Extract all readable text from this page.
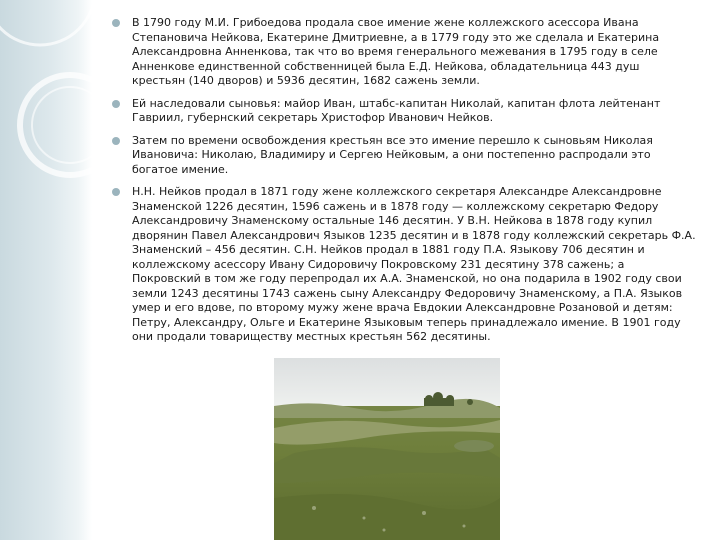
В 1790 году М.И. Грибоедова продала свое имение жене коллежского асессора Ивана Степановича Нейкова, Екатерине Дмитриевне, а в 1779 году это же сделала и Екатерина Александровна Анненкова, так что во время генерального межевания в 1795 году в селе Анненкове единственной собственницей была Е.Д. Нейкова, обладательница 443 душ крестьян (140 дворов) и 5936 десятин, 1682 сажень земли.
Ей наследовали сыновья: майор Иван, штабс-капитан Николай, капитан флота лейтенант Гавриил, губернский секретарь Христофор Иванович Нейков.
Затем по времени освобождения крестьян все это имение перешло к сыновьям Николая Ивановича: Николаю, Владимиру и Сергею Нейковым, а они постепенно распродали это богатое имение.
Н.Н. Нейков продал в 1871 году жене коллежского секретаря Александре Александровне Знаменской 1226 десятин, 1596 сажень и в 1878 году — коллежскому секретарю Федору Александровичу Знаменскому остальные 146 десятин. У В.Н. Нейкова в 1878 году купил дворянин Павел Александрович Языков 1235 десятин и в 1878 году коллежский секретарь Ф.А. Знаменский – 456 десятин. С.Н. Нейков продал в 1881 году П.А. Языкову 706 десятин и коллежскому асессору Ивану Сидоровичу Покровскому 231 десятину 378 сажень; а Покровский в том же году перепродал их А.А. Знаменской, но она подарила в 1902 году свои земли 1243 десятины 1743 сажень сыну Александру Федоровичу Знаменскому, а П.А. Языков умер и его вдове, по второму мужу жене врача Евдокии Александровне Розановой и детям: Петру, Александру, Ольге и Екатерине Языковым теперь принадлежало имение. В 1901 году они продали товариществу местных крестьян 562 десятины.
